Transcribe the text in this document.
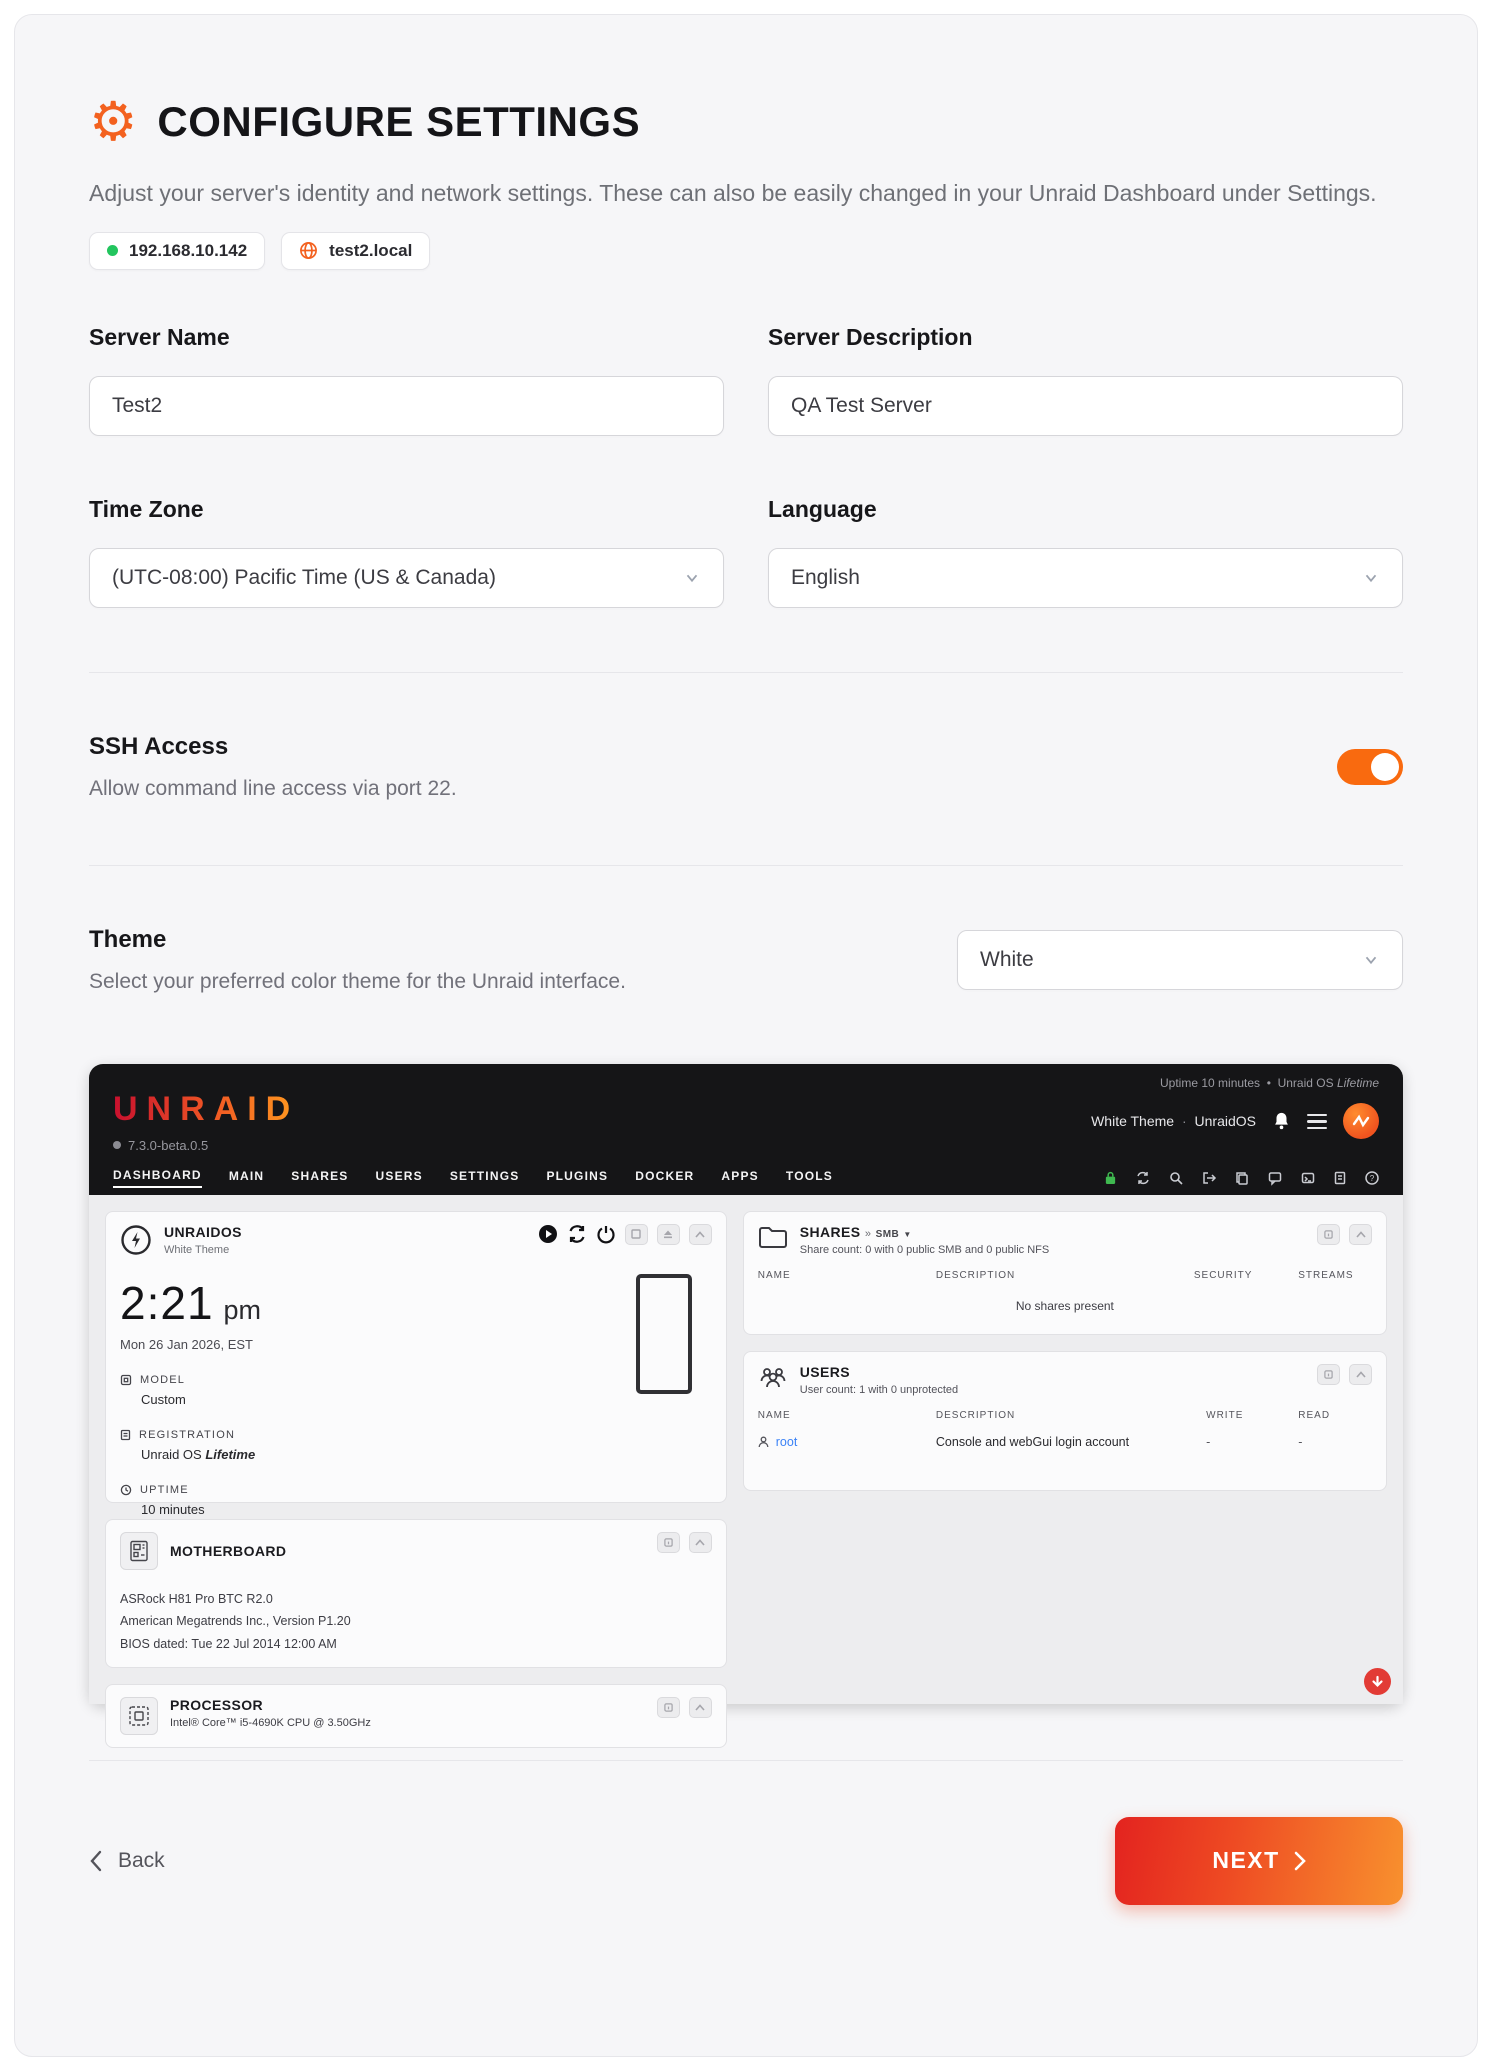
⚙ CONFIGURE SETTINGS

Adjust your server's identity and network settings. These can also be easily changed in your Unraid Dashboard under Settings.

192.168.10.142	test2.local
Server Name
Test2	Server Description
QA Test Server
Time Zone
(UTC-08:00) Pacific Time (US & Canada)
Language
English
SSH Access
Allow command line access via port 22.
Theme
Select your preferred color theme for the Unraid interface.
White
Uptime 10 minutes • Unraid OS Lifetime
UNRAID
7.3.0-beta.0.5
White Theme · UnraidOS
DASHBOARD MAIN SHARES USERS SETTINGS PLUGINS DOCKER APPS TOOLS	?
UNRAIDOS
White Theme
2:21 pm
Mon 26 Jan 2026, EST
MODEL
Custom
REGISTRATION
Unraid OS Lifetime
UPTIME
10 minutes
MOTHERBOARD
ASRock H81 Pro BTC R2.0
American Megatrends Inc., Version P1.20
BIOS dated: Tue 22 Jul 2014 12:00 AM
PROCESSOR
Intel® Core™ i5-4690K CPU @ 3.50GHz
SHARES » SMB ▼
Share count: 0 with 0 public SMB and 0 public NFS
NAME	DESCRIPTION	SECURITY	STREAMS
No shares present
USERS
User count: 1 with 0 unprotected
NAME	DESCRIPTION	WRITE	READ
root	Console and webGui login account	-	-
Back	NEXT
